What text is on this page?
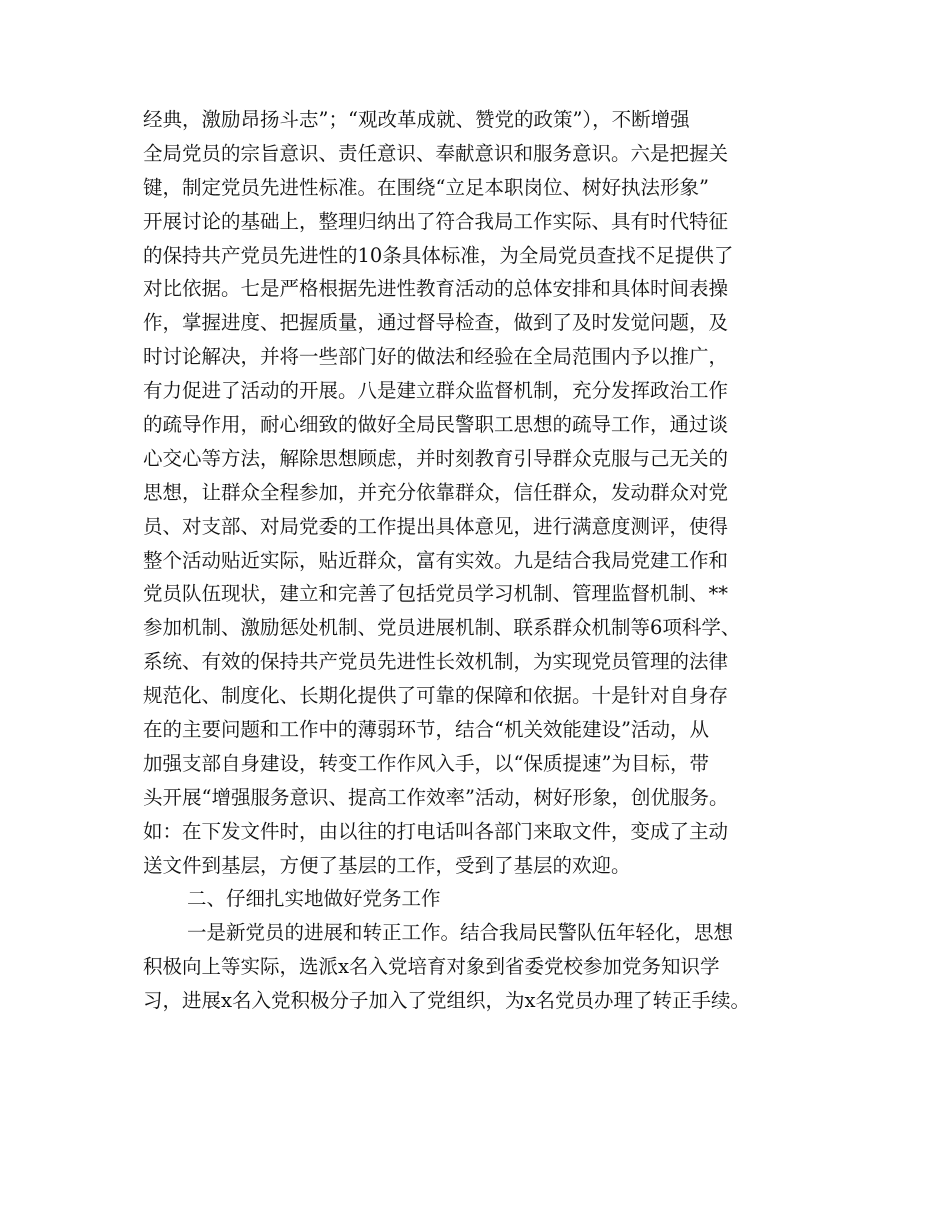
经典，激励昂扬斗志”；“观改革成就、赞党的政策”），不断增强
全局党员的宗旨意识、责任意识、奉献意识和服务意识。六是把握关
键，制定党员先进性标准。在围绕“立足本职岗位、树好执法形象”
开展讨论的基础上，整理归纳出了符合我局工作实际、具有时代特征
的保持共产党员先进性的10条具体标准，为全局党员查找不足提供了
对比依据。七是严格根据先进性教育活动的总体安排和具体时间表操
作，掌握进度、把握质量，通过督导检查，做到了及时发觉问题，及
时讨论解决，并将一些部门好的做法和经验在全局范围内予以推广，
有力促进了活动的开展。八是建立群众监督机制，充分发挥政治工作
的疏导作用，耐心细致的做好全局民警职工思想的疏导工作，通过谈
心交心等方法，解除思想顾虑，并时刻教育引导群众克服与己无关的
思想，让群众全程参加，并充分依靠群众，信任群众，发动群众对党
员、对支部、对局党委的工作提出具体意见，进行满意度测评，使得
整个活动贴近实际，贴近群众，富有实效。九是结合我局党建工作和
党员队伍现状，建立和完善了包括党员学习机制、管理监督机制、**
参加机制、激励惩处机制、党员进展机制、联系群众机制等6项科学、
系统、有效的保持共产党员先进性长效机制，为实现党员管理的法律
规范化、制度化、长期化提供了可靠的保障和依据。十是针对自身存
在的主要问题和工作中的薄弱环节，结合“机关效能建设”活动，从
加强支部自身建设，转变工作作风入手，以“保质提速”为目标，带
头开展“增强服务意识、提高工作效率”活动，树好形象，创优服务。
如：在下发文件时，由以往的打电话叫各部门来取文件，变成了主动
送文件到基层，方便了基层的工作，受到了基层的欢迎。
二、仔细扎实地做好党务工作
一是新党员的进展和转正工作。结合我局民警队伍年轻化，思想
积极向上等实际，选派x名入党培育对象到省委党校参加党务知识学
习，进展x名入党积极分子加入了党组织，为x名党员办理了转正手续。
